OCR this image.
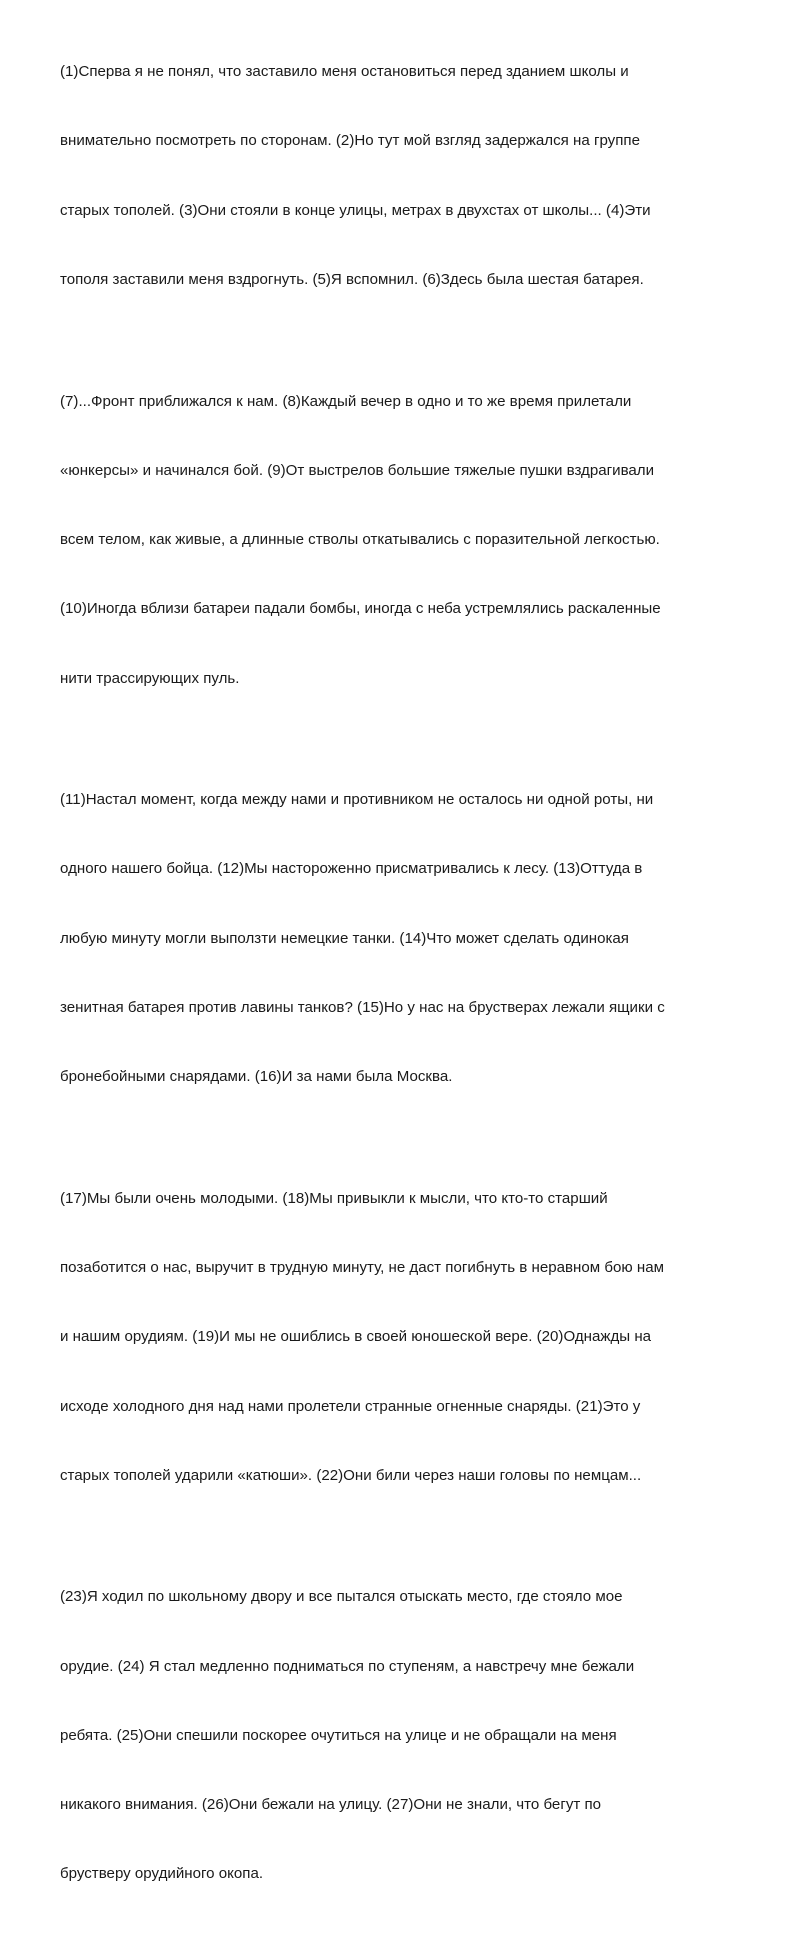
(1)Сперва я не понял, что заставило меня остановиться перед зданием школы и

внимательно посмотреть по сторонам. (2)Но тут мой взгляд задержался на группе

старых тополей. (3)Они стояли в конце улицы, метрах в двухстах от школы... (4)Эти

тополя заставили меня вздрогнуть. (5)Я вспомнил. (6)Здесь была шестая батарея.

(7)...Фронт приближался к нам. (8)Каждый вечер в одно и то же время прилетали

«юнкерсы» и начинался бой. (9)От выстрелов большие тяжелые пушки вздрагивали

всем телом, как живые, а длинные стволы откатывались с поразительной легкостью.

(10)Иногда вблизи батареи падали бомбы, иногда с неба устремлялись раскаленные

нити трассирующих пуль.

(11)Настал момент, когда между нами и противником не осталось ни одной роты, ни

одного нашего бойца. (12)Мы настороженно присматривались к лесу. (13)Оттуда в

любую минуту могли выползти немецкие танки. (14)Что может сделать одинокая

зенитная батарея против лавины танков? (15)Но у нас на брустверах лежали ящики с

бронебойными снарядами. (16)И за нами была Москва.

(17)Мы были очень молодыми. (18)Мы привыкли к мысли, что кто-то старший

позаботится о нас, выручит в трудную минуту, не даст погибнуть в неравном бою нам

и нашим орудиям. (19)И мы не ошиблись в своей юношеской вере. (20)Однажды на

исходе холодного дня над нами пролетели странные огненные снаряды. (21)Это у

старых тополей ударили «катюши». (22)Они били через наши головы по немцам...

(23)Я ходил по школьному двору и все пытался отыскать место, где стояло мое

орудие. (24) Я стал медленно подниматься по ступеням, а навстречу мне бежали

ребята. (25)Они спешили поскорее очутиться на улице и не обращали на меня

никакого внимания. (26)Они бежали на улицу. (27)Они не знали, что бегут по

брустверу орудийного окопа.
